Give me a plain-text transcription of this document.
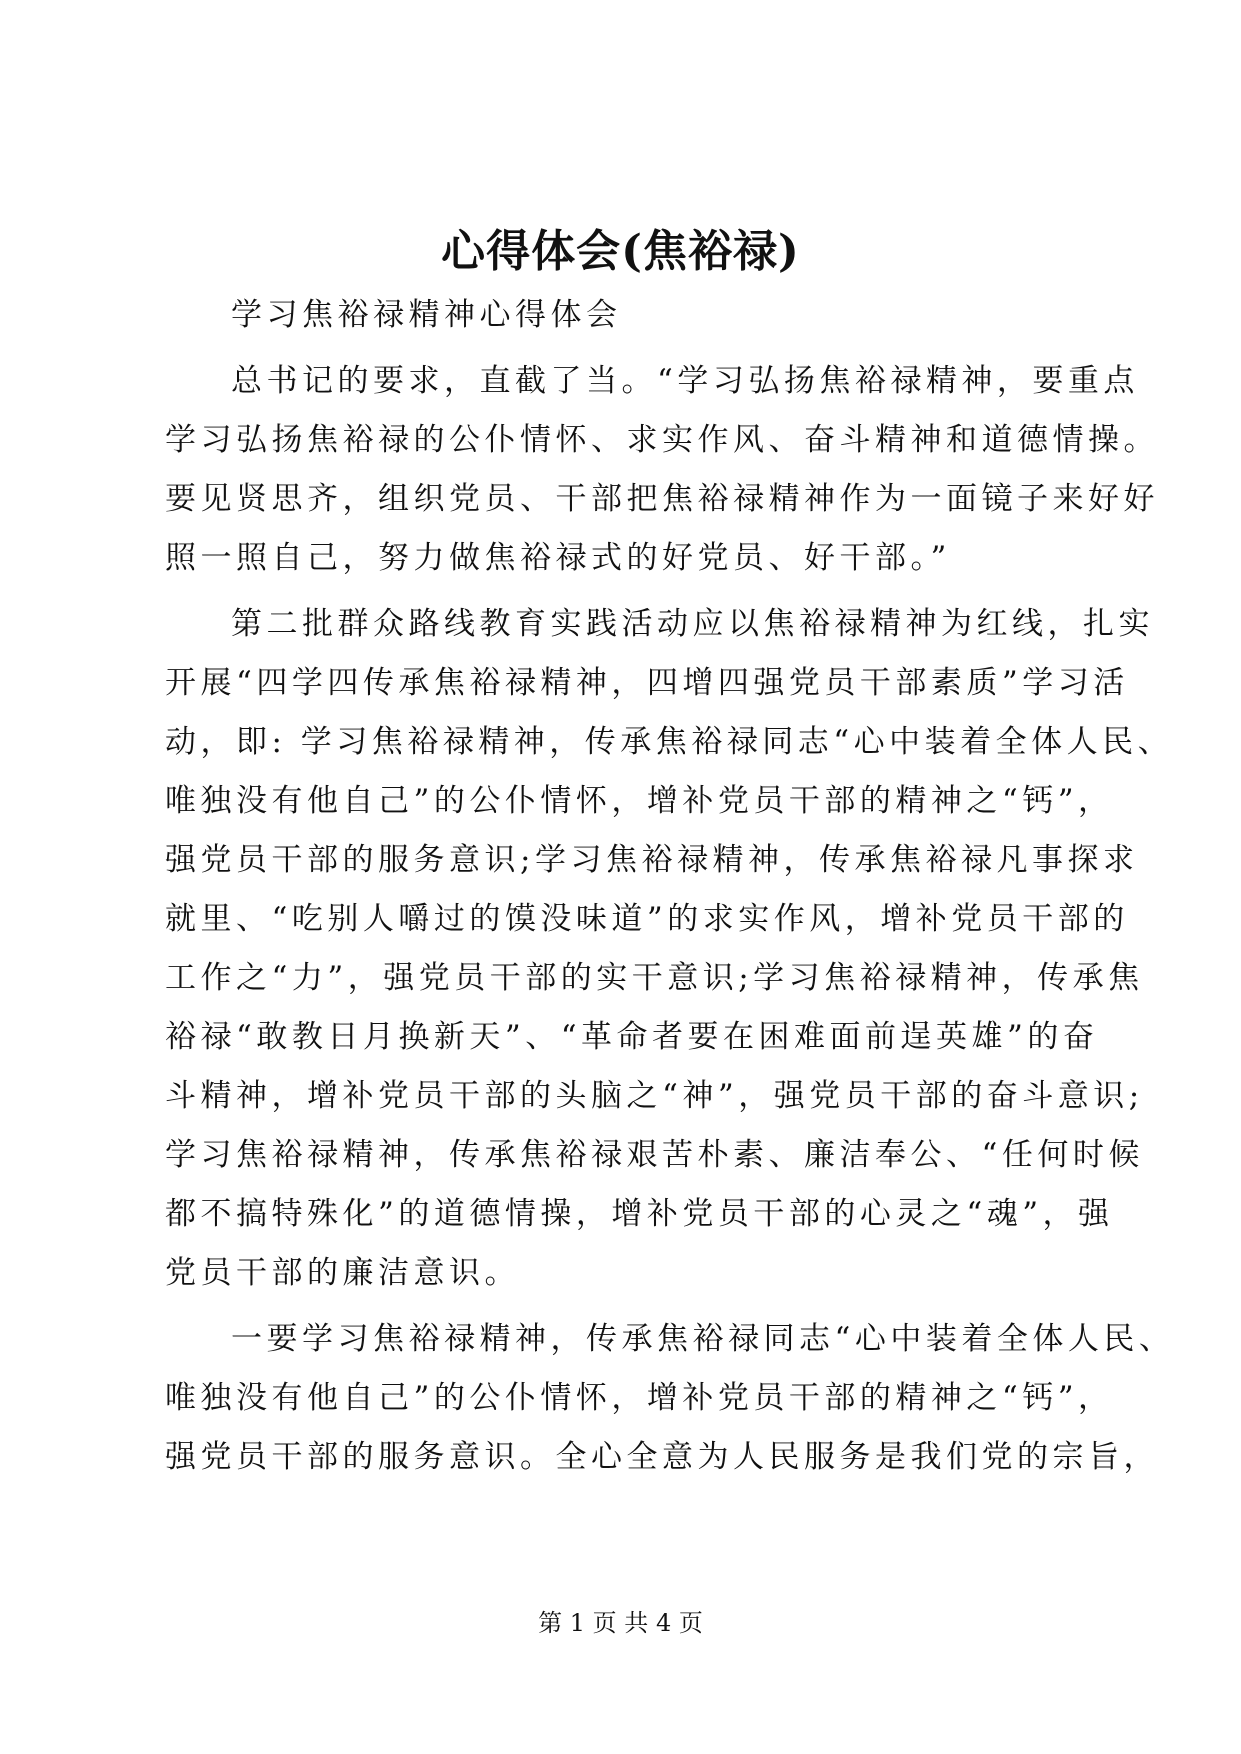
心得体会(焦裕禄)

学习焦裕禄精神心得体会

总书记的要求，直截了当。“学习弘扬焦裕禄精神，要重点
学习弘扬焦裕禄的公仆情怀、求实作风、奋斗精神和道德情操。
要见贤思齐，组织党员、干部把焦裕禄精神作为一面镜子来好好
照一照自己，努力做焦裕禄式的好党员、好干部。”

第二批群众路线教育实践活动应以焦裕禄精神为红线，扎实
开展“四学四传承焦裕禄精神，四增四强党员干部素质”学习活
动，即: 学习焦裕禄精神，传承焦裕禄同志“心中装着全体人民、
唯独没有他自己”的公仆情怀，增补党员干部的精神之“钙”，
强党员干部的服务意识;学习焦裕禄精神，传承焦裕禄凡事探求
就里、“吃别人嚼过的馍没味道”的求实作风，增补党员干部的
工作之“力”，强党员干部的实干意识;学习焦裕禄精神，传承焦
裕禄“敢教日月换新天”、“革命者要在困难面前逞英雄”的奋
斗精神，增补党员干部的头脑之“神”，强党员干部的奋斗意识;
学习焦裕禄精神，传承焦裕禄艰苦朴素、廉洁奉公、“任何时候
都不搞特殊化”的道德情操，增补党员干部的心灵之“魂”，强
党员干部的廉洁意识。

一要学习焦裕禄精神，传承焦裕禄同志“心中装着全体人民、
唯独没有他自己”的公仆情怀，增补党员干部的精神之“钙”，
强党员干部的服务意识。全心全意为人民服务是我们党的宗旨，

第 1 页 共 4 页
